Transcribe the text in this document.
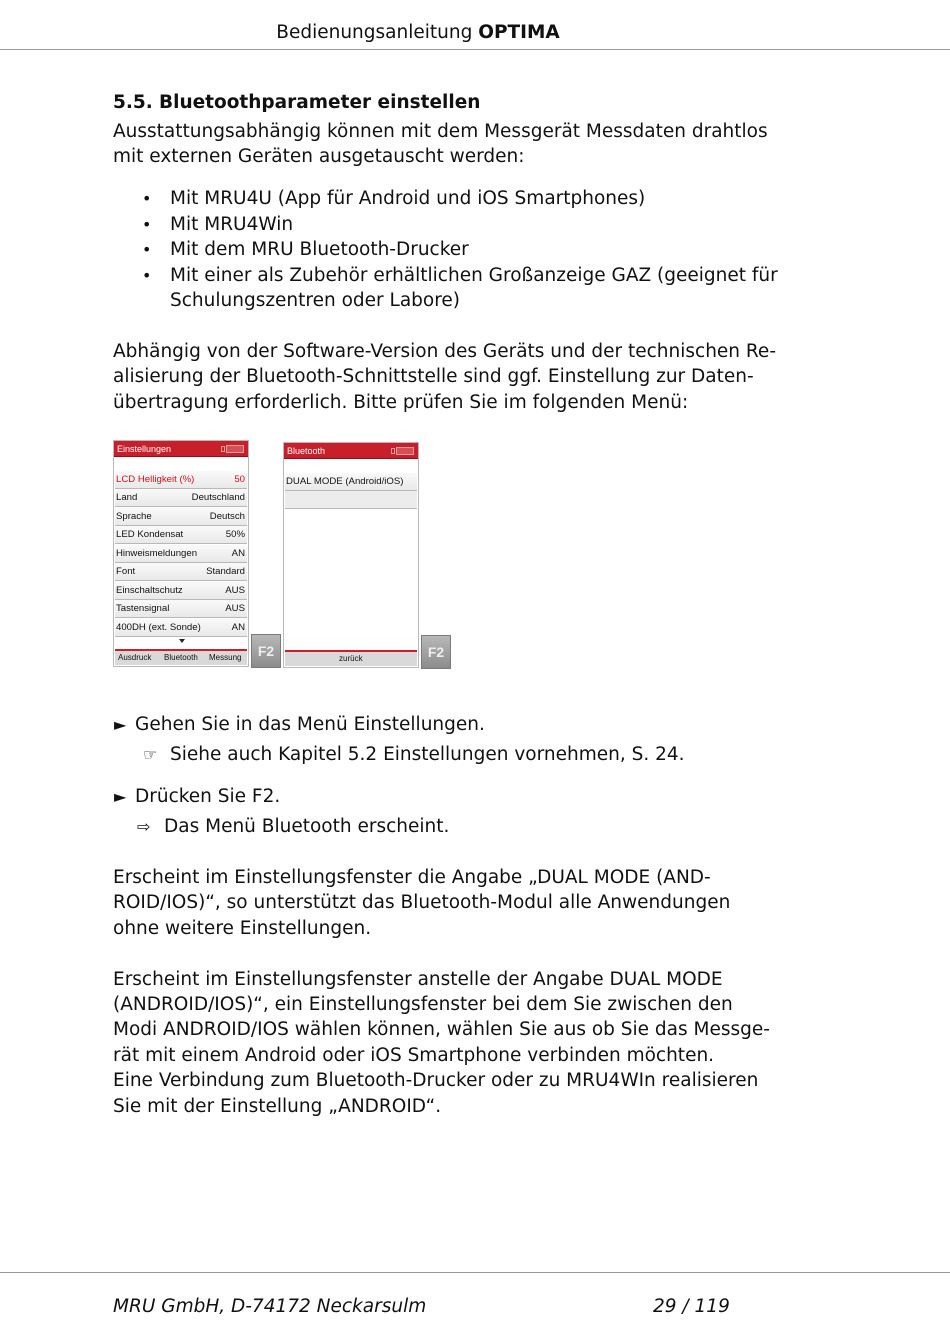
Bedienungsanleitung OPTIMA
5.5. Bluetoothparameter einstellen
Ausstattungsabhängig können mit dem Messgerät Messdaten drahtlos
mit externen Geräten ausgetauscht werden:
• Mit MRU4U (App für Android und iOS Smartphones)
• Mit MRU4Win
• Mit dem MRU Bluetooth-Drucker
• Mit einer als Zubehör erhältlichen Großanzeige GAZ (geeignet für
Schulungszentren oder Labore)
Abhängig von der Software-Version des Geräts und der technischen Re-
alisierung der Bluetooth-Schnittstelle sind ggf. Einstellung zur Daten-
übertragung erforderlich. Bitte prüfen Sie im folgenden Menü:
Einstellungen
LCD Helligkeit (%)	50
Land	Deutschland
Sprache	Deutsch
LED Kondensat	50%
Hinweismeldungen	AN
Font	Standard
Einschaltschutz	AUS
Tastensignal	AUS
400DH (ext. Sonde)	AN
Ausdruck Bluetooth Messung	F2
Bluetooth
DUAL MODE (Android/iOS)
zurück	F2
► Gehen Sie in das Menü Einstellungen.
☞ Siehe auch Kapitel 5.2 Einstellungen vornehmen, S. 24.
► Drücken Sie F2.
⇨ Das Menü Bluetooth erscheint.
Erscheint im Einstellungsfenster die Angabe „DUAL MODE (AND-
ROID/IOS)“, so unterstützt das Bluetooth-Modul alle Anwendungen
ohne weitere Einstellungen.
Erscheint im Einstellungsfenster anstelle der Angabe DUAL MODE
(ANDROID/IOS)“, ein Einstellungsfenster bei dem Sie zwischen den
Modi ANDROID/IOS wählen können, wählen Sie aus ob Sie das Messge-
rät mit einem Android oder iOS Smartphone verbinden möchten.
Eine Verbindung zum Bluetooth-Drucker oder zu MRU4WIn realisieren
Sie mit der Einstellung „ANDROID“.
MRU GmbH, D-74172 Neckarsulm	29 / 119
